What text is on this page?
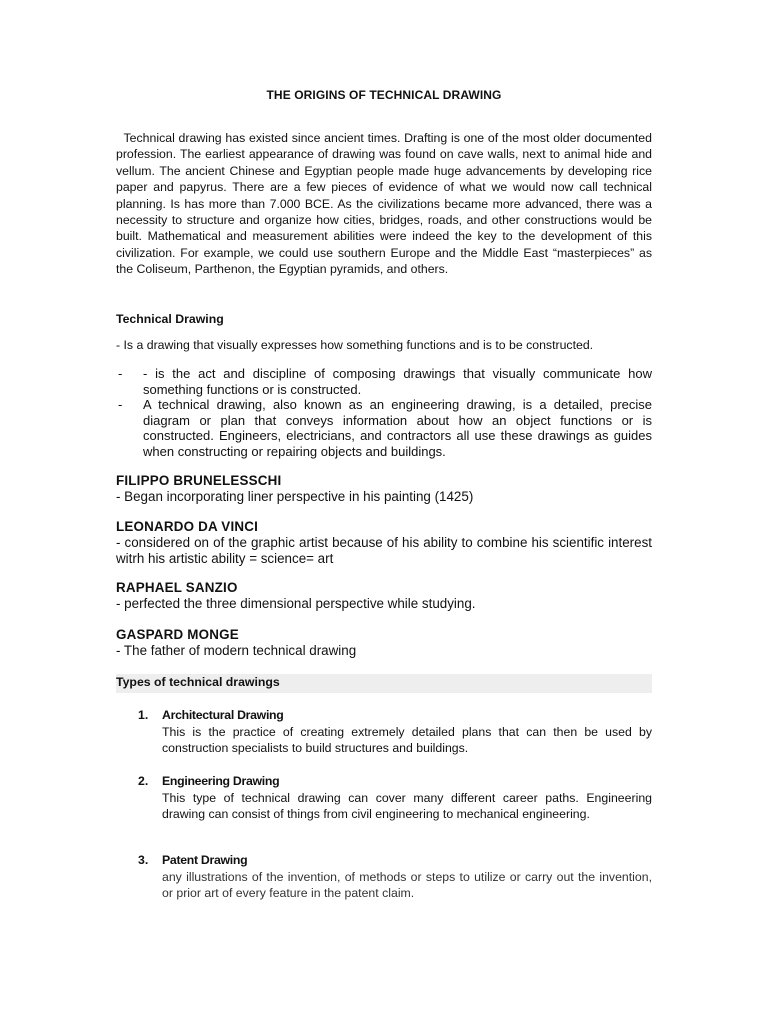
THE ORIGINS OF TECHNICAL DRAWING

Technical drawing has existed since ancient times. Drafting is one of the most older documented profession. The earliest appearance of drawing was found on cave walls, next to animal hide and vellum. The ancient Chinese and Egyptian people made huge advancements by developing rice paper and papyrus. There are a few pieces of evidence of what we would now call technical planning. Is has more than 7.000 BCE. As the civilizations became more advanced, there was a necessity to structure and organize how cities, bridges, roads, and other constructions would be built. Mathematical and measurement abilities were indeed the key to the development of this civilization. For example, we could use southern Europe and the Middle East “masterpieces” as the Coliseum, Parthenon, the Egyptian pyramids, and others.

Technical Drawing
- Is a drawing that visually expresses how something functions and is to be constructed.
- - is the act and discipline of composing drawings that visually communicate how something functions or is constructed.
- A technical drawing, also known as an engineering drawing, is a detailed, precise diagram or plan that conveys information about how an object functions or is constructed. Engineers, electricians, and contractors all use these drawings as guides when constructing or repairing objects and buildings.
FILIPPO BRUNELESSCHI
- Began incorporating liner perspective in his painting (1425)
LEONARDO DA VINCI
- considered on of the graphic artist because of his ability to combine his scientific interest witrh his artistic ability = science= art
RAPHAEL SANZIO
- perfected the three dimensional perspective while studying.
GASPARD MONGE
- The father of modern technical drawing
Types of technical drawings
1. Architectural Drawing
This is the practice of creating extremely detailed plans that can then be used by construction specialists to build structures and buildings.
2. Engineering Drawing
This type of technical drawing can cover many different career paths. Engineering drawing can consist of things from civil engineering to mechanical engineering.
3. Patent Drawing
any illustrations of the invention, of methods or steps to utilize or carry out the invention, or prior art of every feature in the patent claim.
